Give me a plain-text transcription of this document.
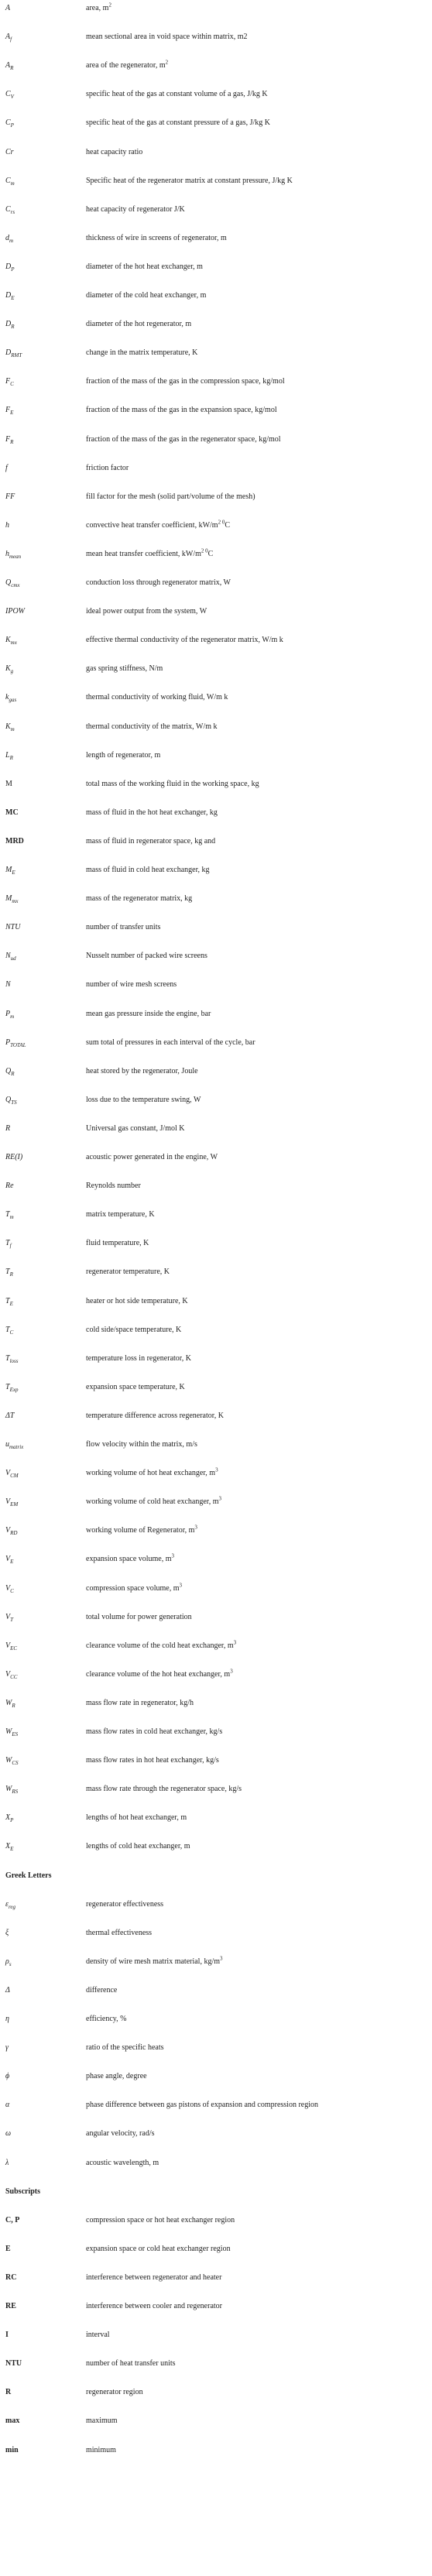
A	area, $m^2$
$A_f$	mean sectional area in void space within matrix, m2
$A_R$	area of the regenerator, $m^2$
$C_V$	specific heat of the gas at constant volume of a gas, J/kg K
$C_P$	specific heat of the gas at constant pressure of a gas, J/kg K
Cr	heat capacity ratio
$C_m$	Specific heat of the regenerator matrix at constant pressure, J/kg K
$C_{rs}$	heat capacity of regenerator J/K
$d_m$	thickness of wire in screens of regenerator, m
$D_P$	diameter of the hot heat exchanger, m
$D_E$	diameter of the cold heat exchanger, m
$D_R$	diameter of the hot regenerator, m
$D_{RMT}$	change in the matrix temperature, K
$F_C$	fraction of the mass of the gas in the compression space, kg/mol
$F_E$	fraction of the mass of the gas in the expansion space, kg/mol
$F_R$	fraction of the mass of the gas in the regenerator space, kg/mol
f	friction factor
FF	fill factor for the mesh (solid part/volume of the mesh)
h	convective heat transfer coefficient, $kW/m^{2 0}C$
$h_{mean}$	mean heat transfer coefficient, $kW/m^{2 0}C$
$Q_{cmx}$	conduction loss through regenerator matrix, W
IPOW	ideal power output from the system, W
$K_{mx}$	effective thermal conductivity of the regenerator matrix, W/m k
$K_g$	gas spring stiffness, N/m
$k_{gas}$	thermal conductivity of working fluid, W/m k
$K_m$	thermal conductivity of the matrix, W/m k
$L_R$	length of regenerator, m
M	total mass of the working fluid in the working space, kg
MC	mass of fluid in the hot heat exchanger, kg
MRD	mass of fluid in regenerator space, kg and
$M_E$	mass of fluid in cold heat exchanger, kg
$M_{mx}$	mass of the regenerator matrix, kg
NTU	number of transfer units
$N_{ud}$	Nusselt number of packed wire screens
N	number of wire mesh screens
$P_m$	mean gas pressure inside the engine, bar
$P_{TOTAL}$	sum total of pressures in each interval of the cycle, bar
$Q_R$	heat stored by the regenerator, Joule
$Q_{TS}$	loss due to the temperature swing, W
R	Universal gas constant, J/mol K
RE(I)	acoustic power generated in the engine, W
Re	Reynolds number
$T_m$	matrix temperature, K
$T_f$	fluid temperature, K
$T_R$	regenerator temperature, K
$T_E$	heater or hot side temperature, K
$T_C$	cold side/space temperature, K
$T_{loss}$	temperature loss in regenerator, K
$T_{Exp}$	expansion space temperature, K
ΔT	temperature difference across regenerator, K
$u_{matrix}$	flow velocity within the matrix, m/s
$V_{CM}$	working volume of hot heat exchanger, $m^3$
$V_{EM}$	working volume of cold heat exchanger, $m^3$
$V_{RD}$	working volume of Regenerator, $m^3$
$V_E$	expansion space volume, $m^3$
$V_C$	compression space volume, $m^3$
$V_T$	total volume for power generation
$V_{EC}$	clearance volume of the cold heat exchanger, $m^3$
$V_{CC}$	clearance volume of the hot heat exchanger, $m^3$
$W_R$	mass flow rate in regenerator, kg/h
$W_{ES}$	mass flow rates in cold heat exchanger, kg/s
$W_{CS}$	mass flow rates in hot heat exchanger, kg/s
$W_{RS}$	mass flow rate through the regenerator space, kg/s
$X_P$	lengths of hot heat exchanger, m
$X_E$	lengths of cold heat exchanger, m
Greek Letters
$\varepsilon_{reg}$	regenerator effectiveness
ξ	thermal effectiveness
$\rho_s$	density of wire mesh matrix material, $kg/m^3$
Δ	difference
η	efficiency, %
γ	ratio of the specific heats
ϕ	phase angle, degree
α	phase difference between gas pistons of expansion and compression region
ω	angular velocity, rad/s
λ	acoustic wavelength, m
Subscripts
C, P	compression space or hot heat exchanger region
E	expansion space or cold heat exchanger region
RC	interference between regenerator and heater
RE	interference between cooler and regenerator
I	interval
NTU	number of heat transfer units
R	regenerator region
max	maximum
min	minimum
